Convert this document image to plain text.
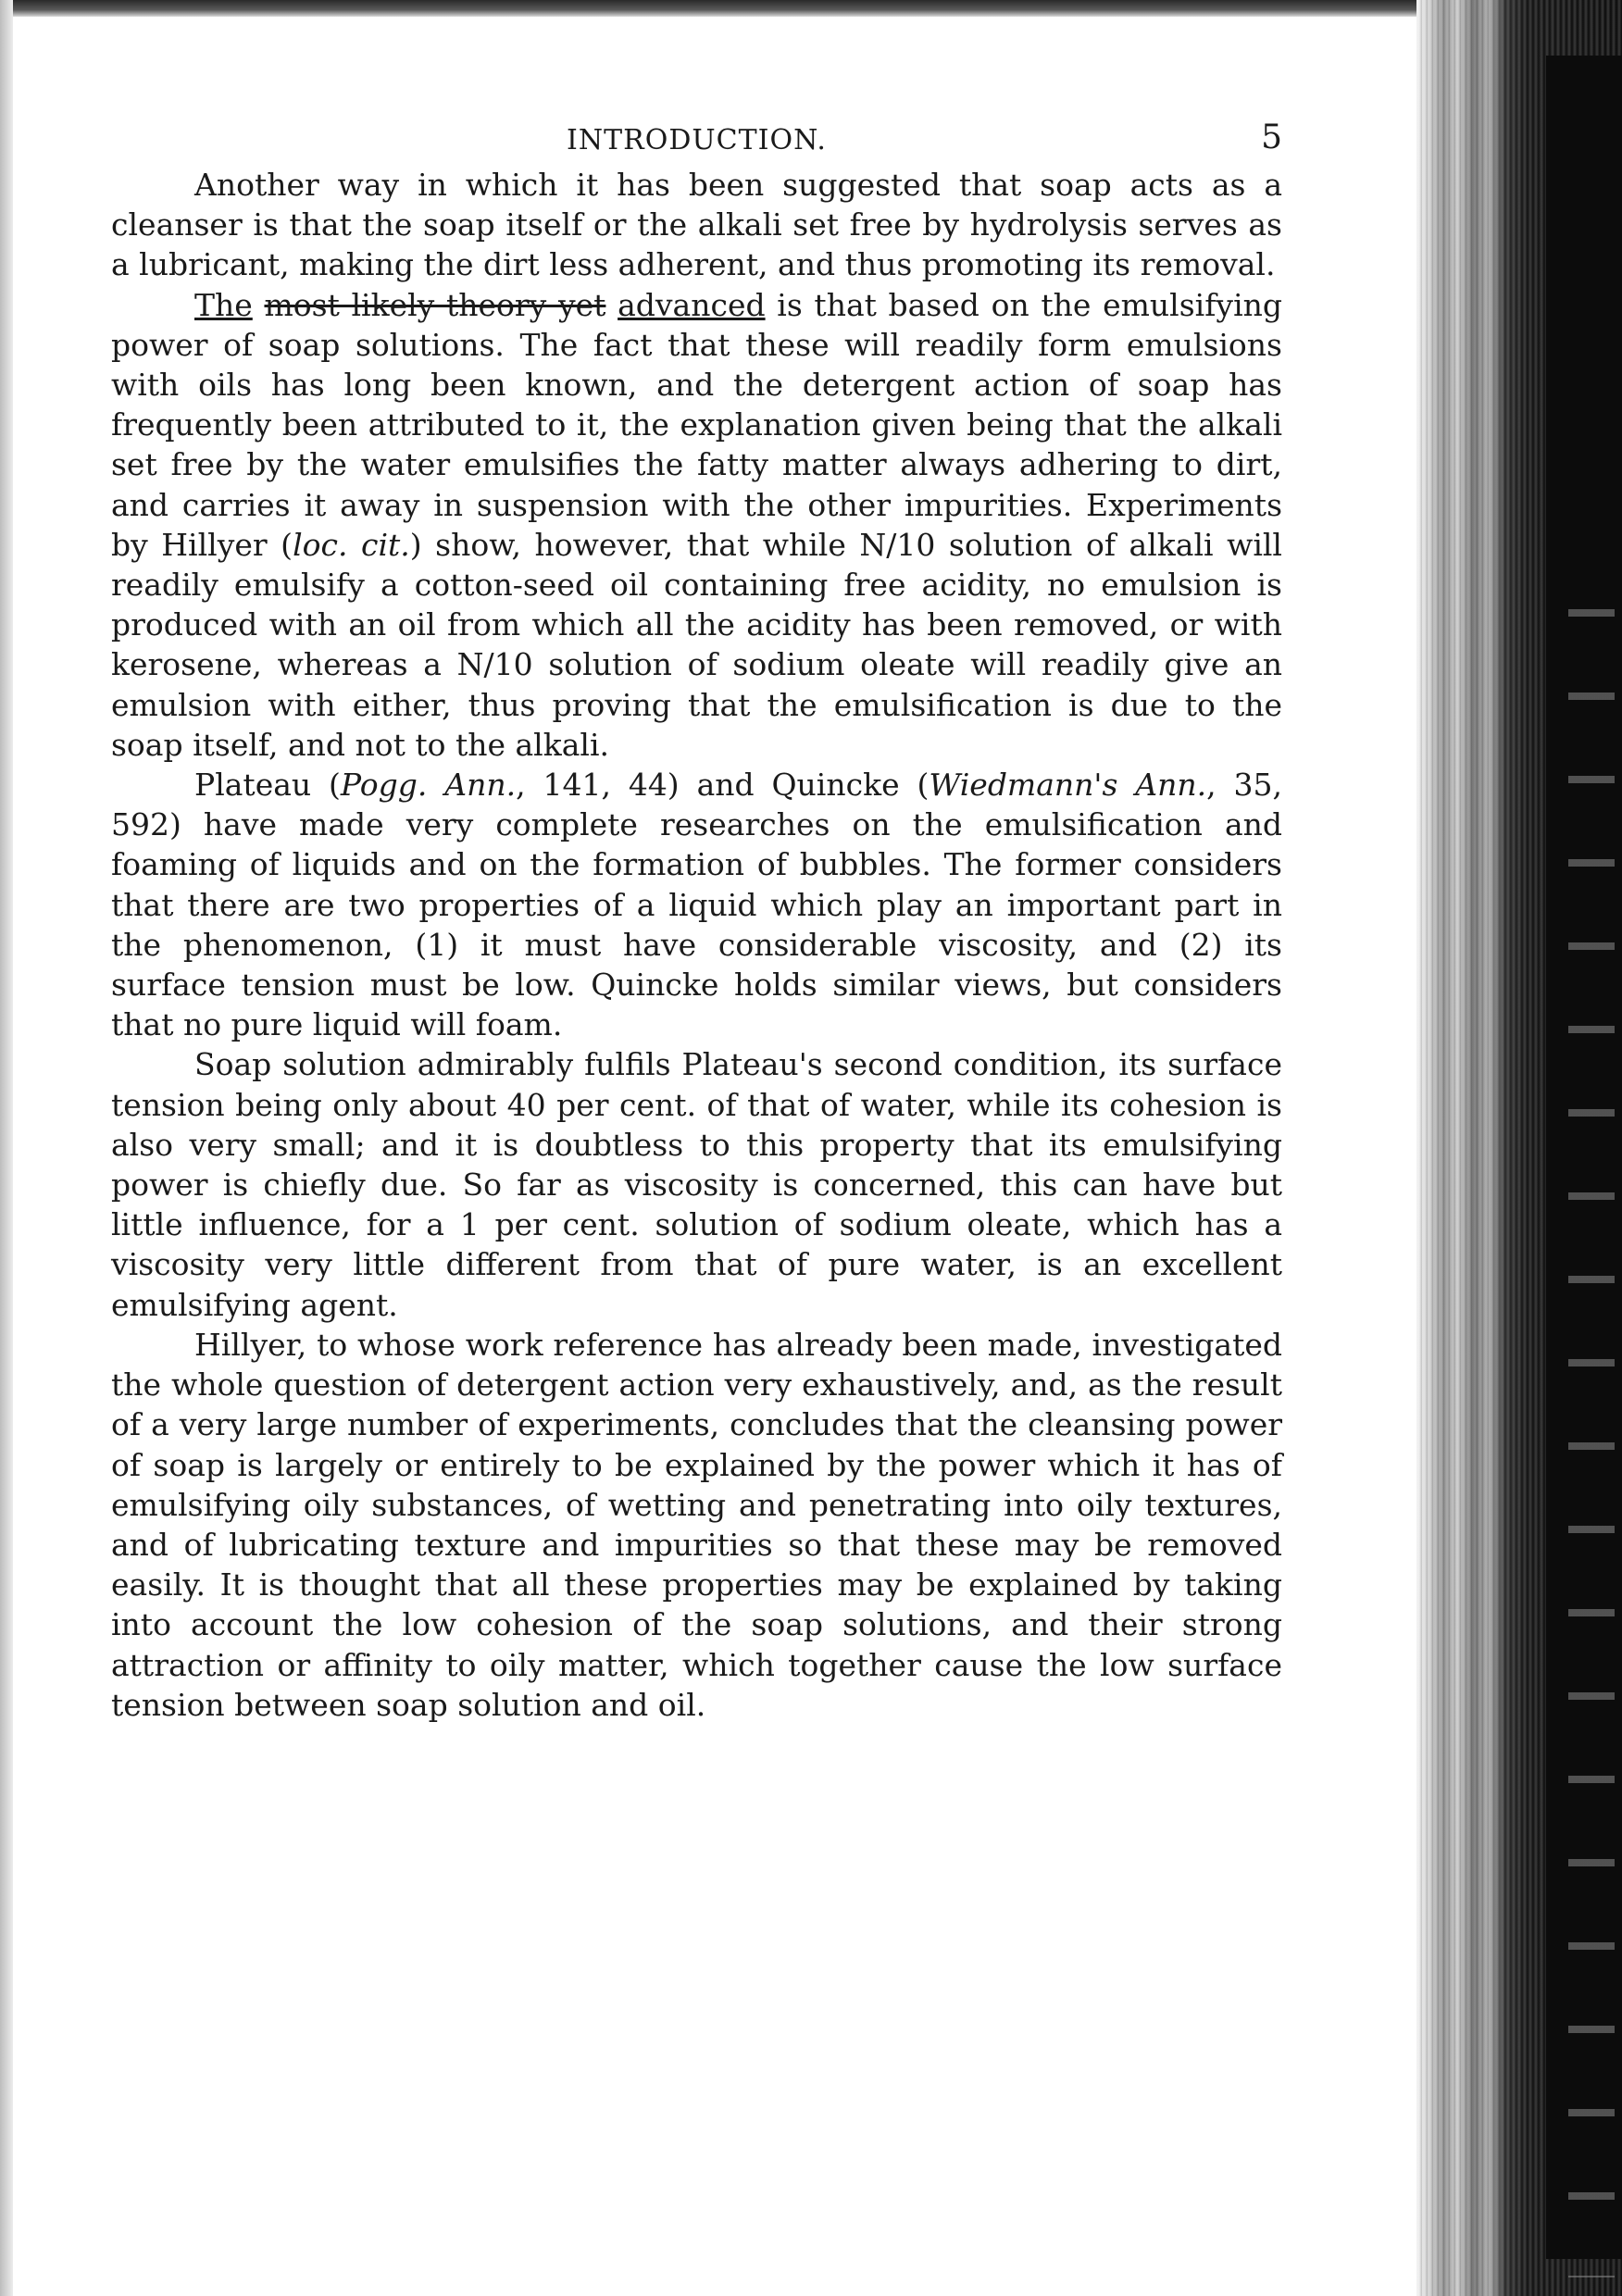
INTRODUCTION.	5

Another way in which it has been suggested that soap acts as a cleanser is that the soap itself or the alkali set free by hydrolysis serves as a lubricant, making the dirt less adherent, and thus promoting its removal.

The most likely theory yet advanced is that based on the emulsifying power of soap solutions. The fact that these will readily form emulsions with oils has long been known, and the detergent action of soap has frequently been attributed to it, the explanation given being that the alkali set free by the water emulsifies the fatty matter always adhering to dirt, and carries it away in suspension with the other impurities. Experiments by Hillyer (loc. cit.) show, however, that while N/10 solution of alkali will readily emulsify a cotton-seed oil containing free acidity, no emulsion is produced with an oil from which all the acidity has been removed, or with kerosene, whereas a N/10 solution of sodium oleate will readily give an emulsion with either, thus proving that the emulsification is due to the soap itself, and not to the alkali.

Plateau (Pogg. Ann., 141, 44) and Quincke (Wiedmann's Ann., 35, 592) have made very complete researches on the emulsification and foaming of liquids and on the formation of bubbles. The former considers that there are two properties of a liquid which play an important part in the phenomenon, (1) it must have considerable viscosity, and (2) its surface tension must be low. Quincke holds similar views, but considers that no pure liquid will foam.

Soap solution admirably fulfils Plateau's second condition, its surface tension being only about 40 per cent. of that of water, while its cohesion is also very small; and it is doubtless to this property that its emulsifying power is chiefly due. So far as viscosity is concerned, this can have but little influence, for a 1 per cent. solution of sodium oleate, which has a viscosity very little different from that of pure water, is an excellent emulsifying agent.

Hillyer, to whose work reference has already been made, investigated the whole question of detergent action very exhaustively, and, as the result of a very large number of experiments, concludes that the cleansing power of soap is largely or entirely to be explained by the power which it has of emulsifying oily substances, of wetting and penetrating into oily textures, and of lubricating texture and impurities so that these may be removed easily. It is thought that all these properties may be explained by taking into account the low cohesion of the soap solutions, and their strong attraction or affinity to oily matter, which together cause the low surface tension between soap solution and oil.
